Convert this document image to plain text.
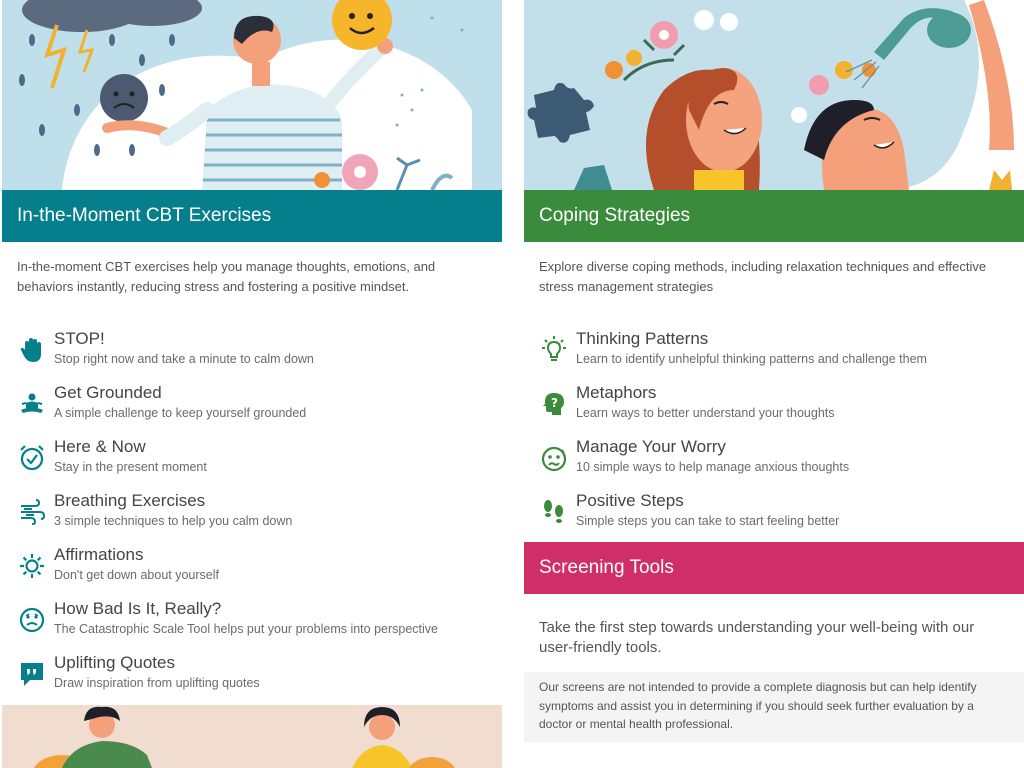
In-the-Moment CBT Exercises
In-the-moment CBT exercises help you manage thoughts, emotions, and behaviors instantly, reducing stress and fostering a positive mindset.
STOP!
Stop right now and take a minute to calm down
Get Grounded
A simple challenge to keep yourself grounded
Here & Now
Stay in the present moment
Breathing Exercises
3 simple techniques to help you calm down
Affirmations
Don't get down about yourself
How Bad Is It, Really?
The Catastrophic Scale Tool helps put your problems into perspective
Uplifting Quotes
Draw inspiration from uplifting quotes
Coping Strategies
Explore diverse coping methods, including relaxation techniques and effective stress management strategies
Thinking Patterns
Learn to identify unhelpful thinking patterns and challenge them
?
Metaphors
Learn ways to better understand your thoughts
Manage Your Worry
10 simple ways to help manage anxious thoughts
Positive Steps
Simple steps you can take to start feeling better
Screening Tools
Take the first step towards understanding your well-being with our user-friendly tools.
Our screens are not intended to provide a complete diagnosis but can help identify symptoms and assist you in determining if you should seek further evaluation by a doctor or mental health professional.
